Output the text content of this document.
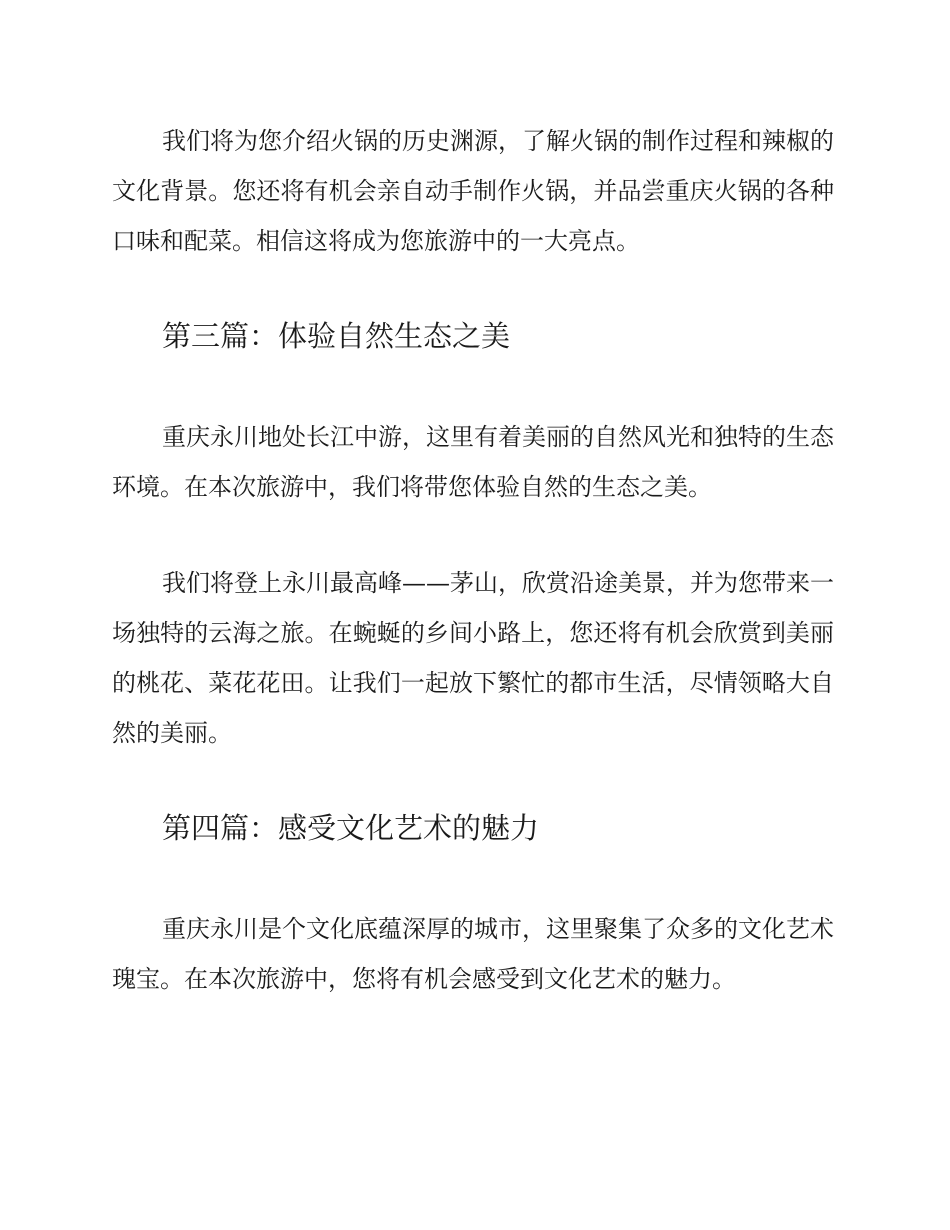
我们将为您介绍火锅的历史渊源，了解火锅的制作过程和辣椒的文化背景。您还将有机会亲自动手制作火锅，并品尝重庆火锅的各种口味和配菜。相信这将成为您旅游中的一大亮点。

第三篇：体验自然生态之美

重庆永川地处长江中游，这里有着美丽的自然风光和独特的生态环境。在本次旅游中，我们将带您体验自然的生态之美。

我们将登上永川最高峰——茅山，欣赏沿途美景，并为您带来一场独特的云海之旅。在蜿蜒的乡间小路上，您还将有机会欣赏到美丽的桃花、菜花花田。让我们一起放下繁忙的都市生活，尽情领略大自然的美丽。

第四篇：感受文化艺术的魅力

重庆永川是个文化底蕴深厚的城市，这里聚集了众多的文化艺术瑰宝。在本次旅游中，您将有机会感受到文化艺术的魅力。
